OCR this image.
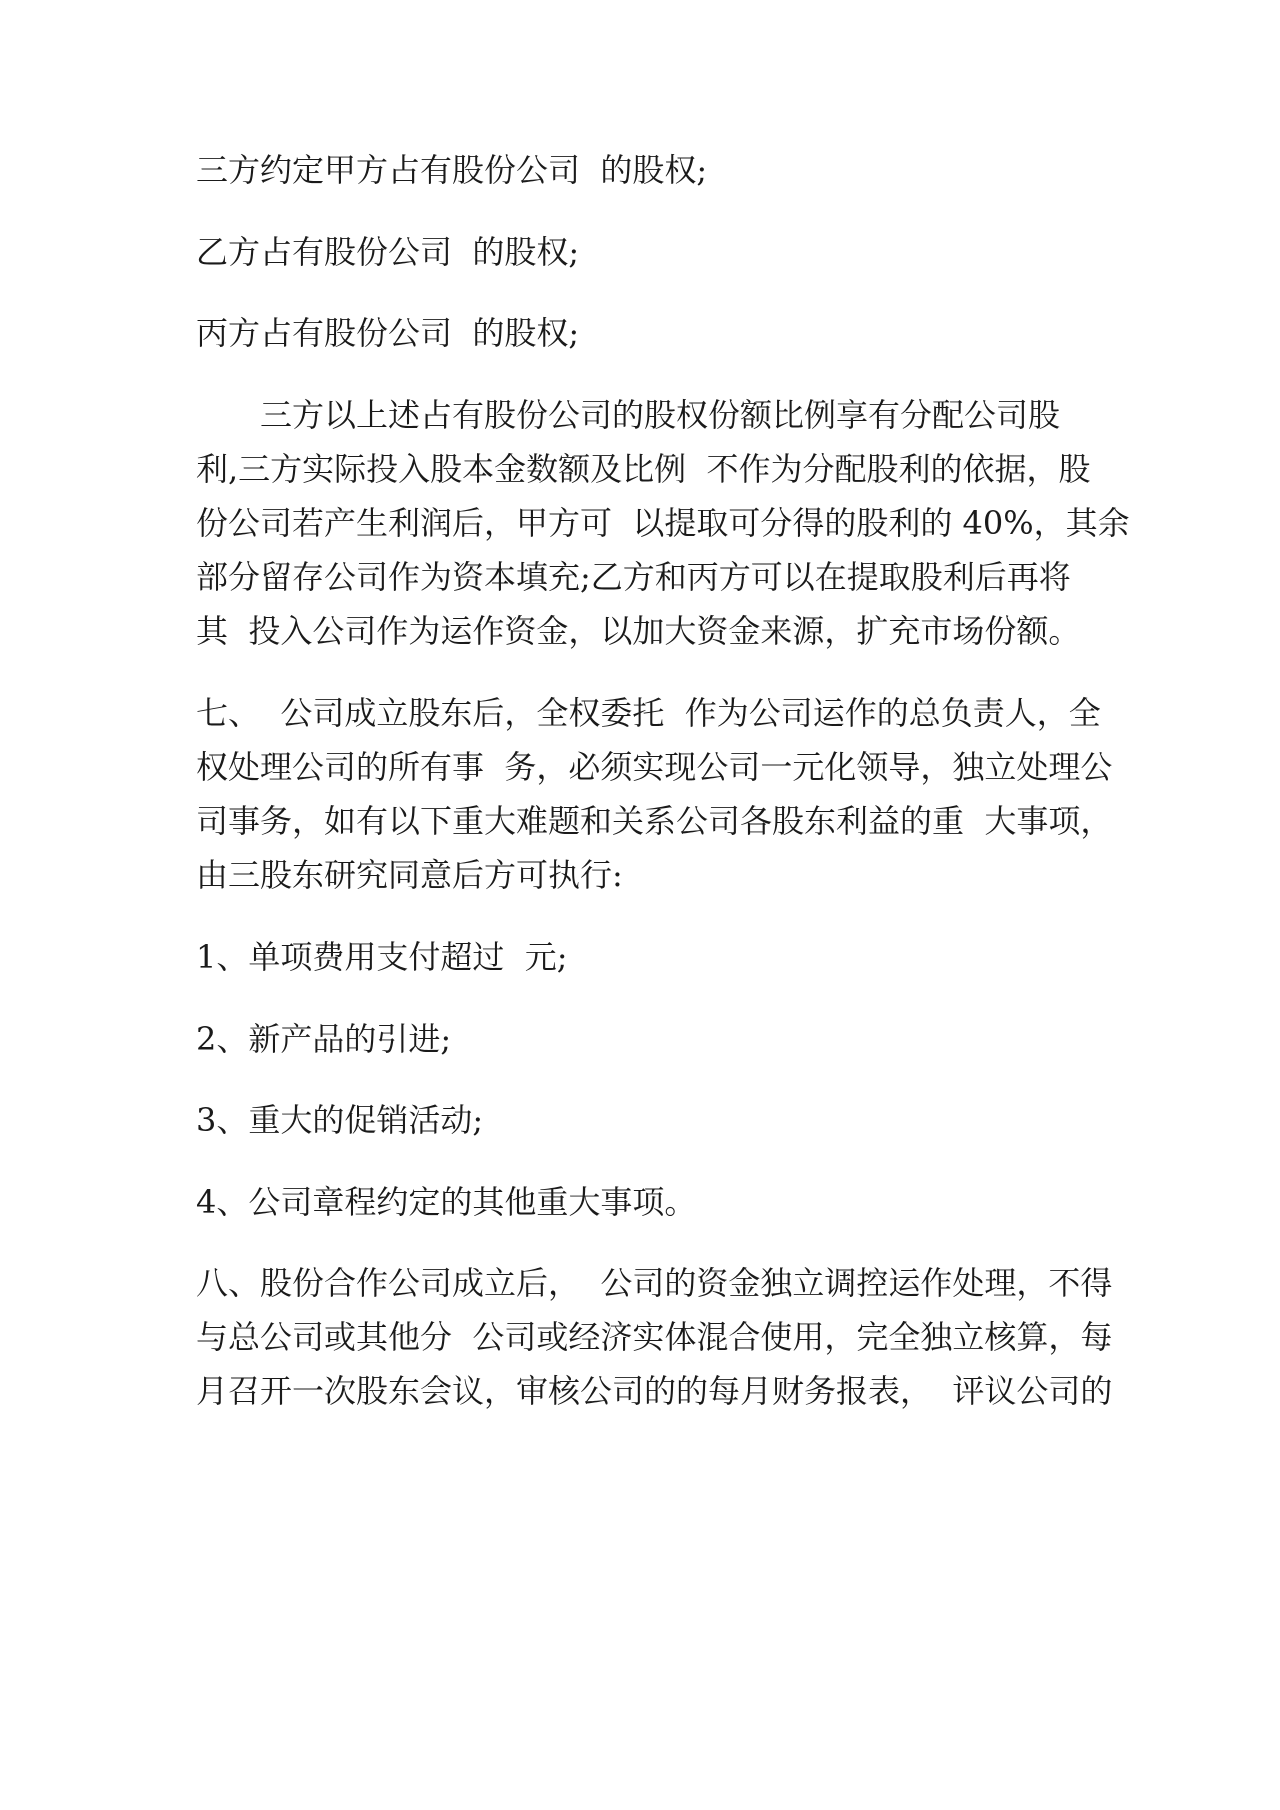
三方约定甲方占有股份公司  的股权;
乙方占有股份公司  的股权;
丙方占有股份公司  的股权;
三方以上述占有股份公司的股权份额比例享有分配公司股
利,三方实际投入股本金数额及比例  不作为分配股利的依据，股
份公司若产生利润后，甲方可  以提取可分得的股利的 40%，其余
部分留存公司作为资本填充;乙方和丙方可以在提取股利后再将
其  投入公司作为运作资金，以加大资金来源，扩充市场份额。
七、  公司成立股东后，全权委托  作为公司运作的总负责人，全
权处理公司的所有事  务，必须实现公司一元化领导，独立处理公
司事务，如有以下重大难题和关系公司各股东利益的重  大事项，
由三股东研究同意后方可执行:
1、单项费用支付超过  元;
2、新产品的引进;
3、重大的促销活动;
4、公司章程约定的其他重大事项。
八、股份合作公司成立后，  公司的资金独立调控运作处理，不得
与总公司或其他分  公司或经济实体混合使用，完全独立核算，每
月召开一次股东会议，审核公司的的每月财务报表，  评议公司的
